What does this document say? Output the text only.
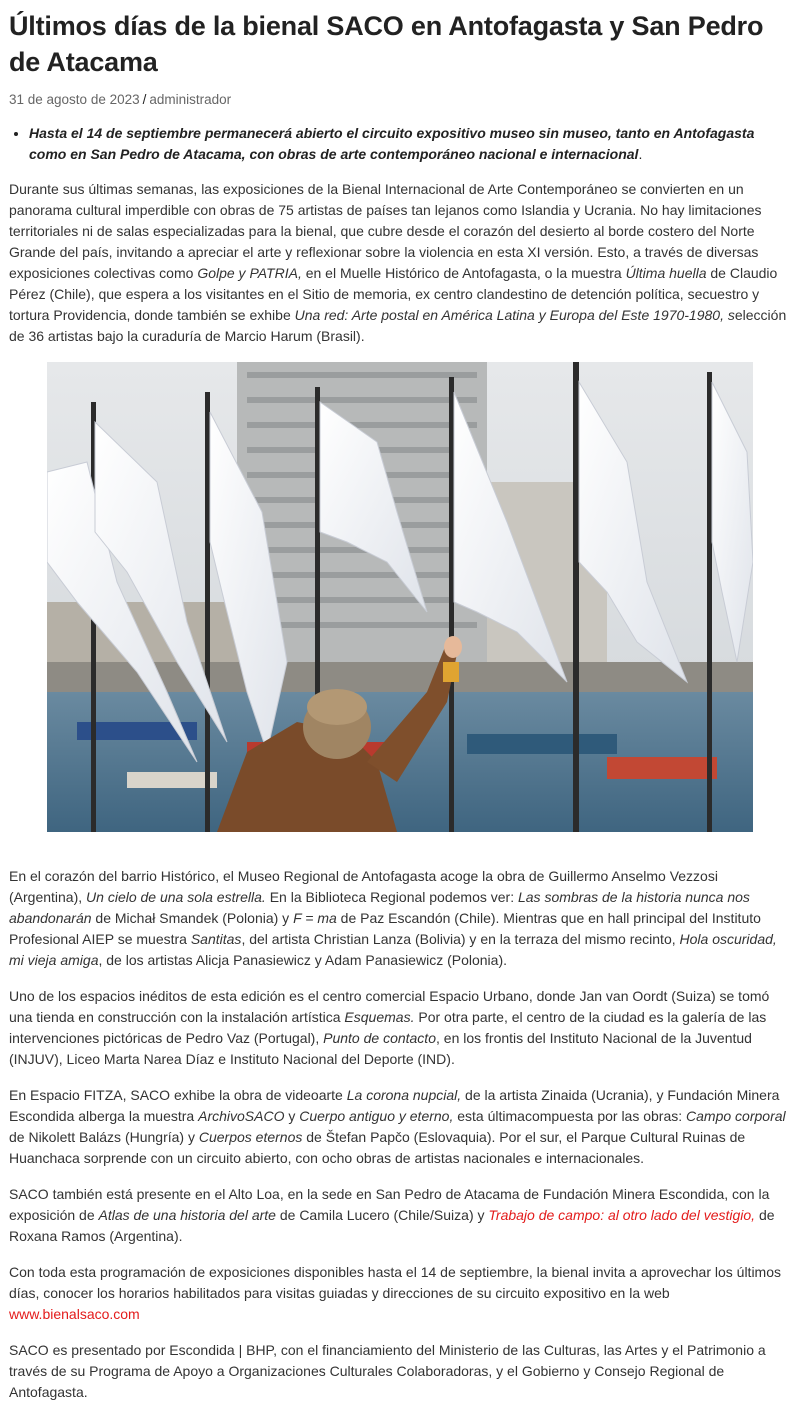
Últimos días de la bienal SACO en Antofagasta y San Pedro de Atacama
31 de agosto de 2023 / administrador
• Hasta el 14 de septiembre permanecerá abierto el circuito expositivo museo sin museo, tanto en Antofagasta como en San Pedro de Atacama, con obras de arte contemporáneo nacional e internacional.

Durante sus últimas semanas, las exposiciones de la Bienal Internacional de Arte Contemporáneo se convierten en un panorama cultural imperdible con obras de 75 artistas de países tan lejanos como Islandia y Ucrania. No hay limitaciones territoriales ni de salas especializadas para la bienal, que cubre desde el corazón del desierto al borde costero del Norte Grande del país, invitando a apreciar el arte y reflexionar sobre la violencia en esta XI versión. Esto, a través de diversas exposiciones colectivas como Golpe y PATRIA, en el Muelle Histórico de Antofagasta, o la muestra Última huella de Claudio Pérez (Chile), que espera a los visitantes en el Sitio de memoria, ex centro clandestino de detención política, secuestro y tortura Providencia, donde también se exhibe Una red: Arte postal en América Latina y Europa del Este 1970-1980, selección de 36 artistas bajo la curaduría de Marcio Harum (Brasil).

En el corazón del barrio Histórico, el Museo Regional de Antofagasta acoge la obra de Guillermo Anselmo Vezzosi (Argentina), Un cielo de una sola estrella. En la Biblioteca Regional podemos ver: Las sombras de la historia nunca nos abandonarán de Michał Smandek (Polonia) y F = ma de Paz Escandón (Chile). Mientras que en hall principal del Instituto Profesional AIEP se muestra Santitas, del artista Christian Lanza (Bolivia) y en la terraza del mismo recinto, Hola oscuridad, mi vieja amiga, de los artistas Alicja Panasiewicz y Adam Panasiewicz (Polonia).

Uno de los espacios inéditos de esta edición es el centro comercial Espacio Urbano, donde Jan van Oordt (Suiza) se tomó una tienda en construcción con la instalación artística Esquemas. Por otra parte, el centro de la ciudad es la galería de las intervenciones pictóricas de Pedro Vaz (Portugal), Punto de contacto, en los frontis del Instituto Nacional de la Juventud (INJUV), Liceo Marta Narea Díaz e Instituto Nacional del Deporte (IND).

En Espacio FITZA, SACO exhibe la obra de videoarte La corona nupcial, de la artista Zinaida (Ucrania), y Fundación Minera Escondida alberga la muestra ArchivoSACO y Cuerpo antiguo y eterno, esta últimacompuesta por las obras: Campo corporal de Nikolett Balázs (Hungría) y Cuerpos eternos de Štefan Papčo (Eslovaquia). Por el sur, el Parque Cultural Ruinas de Huanchaca sorprende con un circuito abierto, con ocho obras de artistas nacionales e internacionales.

SACO también está presente en el Alto Loa, en la sede en San Pedro de Atacama de Fundación Minera Escondida, con la exposición de Atlas de una historia del arte de Camila Lucero (Chile/Suiza) y Trabajo de campo: al otro lado del vestigio, de Roxana Ramos (Argentina).

Con toda esta programación de exposiciones disponibles hasta el 14 de septiembre, la bienal invita a aprovechar los últimos días, conocer los horarios habilitados para visitas guiadas y direcciones de su circuito expositivo en la web www.bienalsaco.com

SACO es presentado por Escondida | BHP, con el financiamiento del Ministerio de las Culturas, las Artes y el Patrimonio a través de su Programa de Apoyo a Organizaciones Culturales Colaboradoras, y el Gobierno y Consejo Regional de Antofagasta.
